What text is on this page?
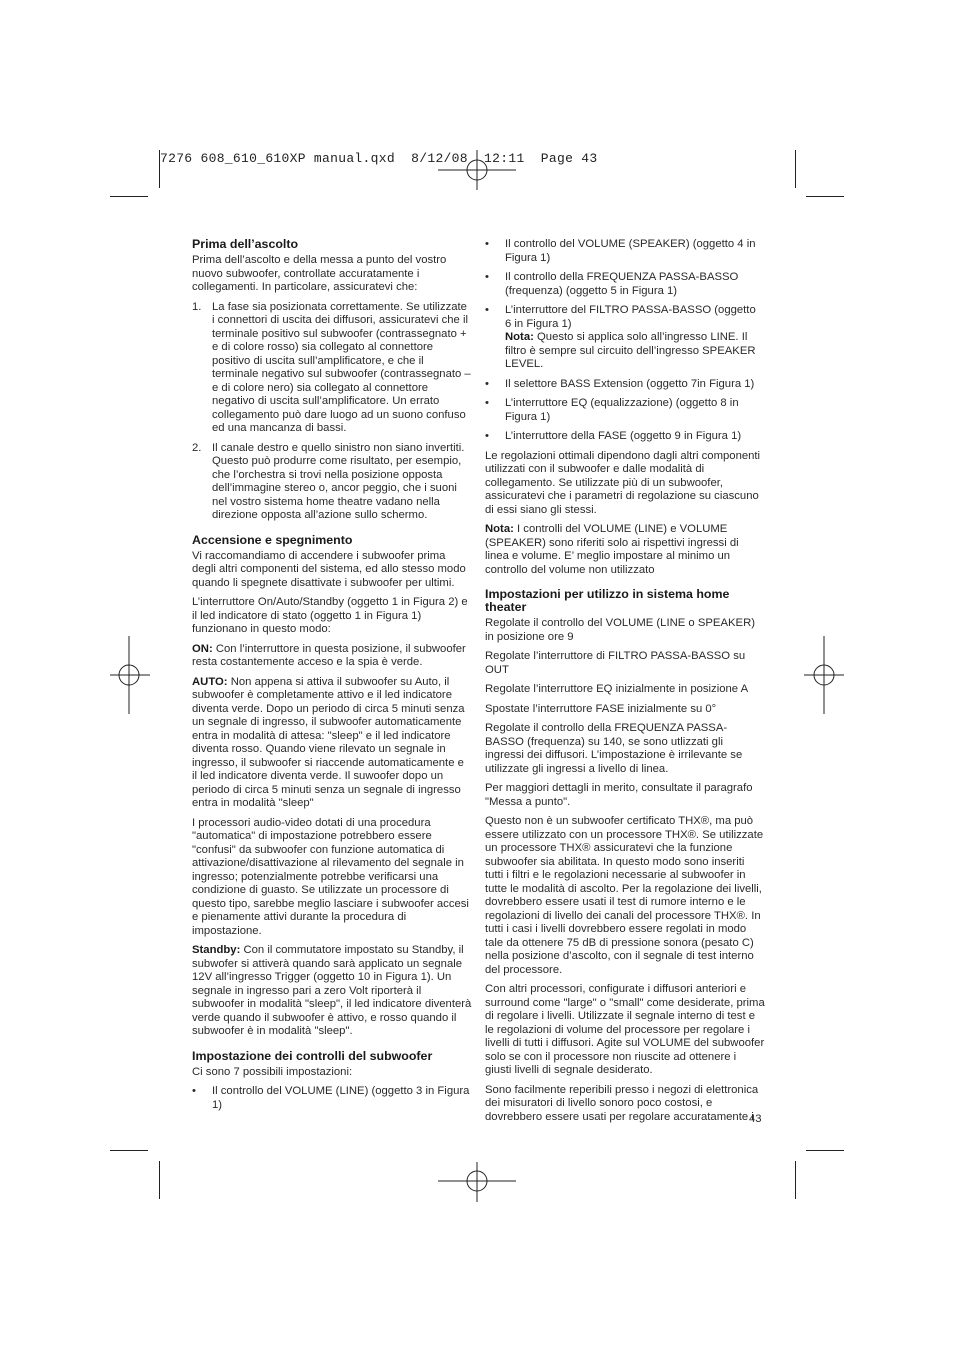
7276 608_610_610XP manual.qxd  8/12/08  12:11  Page 43
Prima dell’ascolto

Prima dell’ascolto e della messa a punto del vostro nuovo subwoofer, controllate accuratamente i collegamenti. In particolare, assicuratevi che:

1. La fase sia posizionata correttamente. Se utilizzate i connettori di uscita dei diffusori, assicuratevi che il terminale positivo sul subwoofer (contrassegnato + e di colore rosso) sia collegato al connettore positivo di uscita sull’amplificatore, e che il terminale negativo sul subwoofer (contrassegnato – e di colore nero) sia collegato al connettore negativo di uscita sull’amplificatore. Un errato collegamento può dare luogo ad un suono confuso ed una mancanza di bassi.
2. Il canale destro e quello sinistro non siano invertiti. Questo può produrre come risultato, per esempio, che l’orchestra si trovi nella posizione opposta dell’immagine stereo o, ancor peggio, che i suoni nel vostro sistema home theatre vadano nella direzione opposta all’azione sullo schermo.
Accensione e spegnimento

Vi raccomandiamo di accendere i subwoofer prima degli altri componenti del sistema, ed allo stesso modo quando li spegnete disattivate i subwoofer per ultimi.

L’interruttore On/Auto/Standby (oggetto 1 in Figura 2) e il led indicatore di stato (oggetto 1 in Figura 1) funzionano in questo modo:

ON: Con l’interruttore in questa posizione, il subwoofer resta costantemente acceso e la spia è verde.

AUTO: Non appena si attiva il subwoofer su Auto, il subwoofer è completamente attivo e il led indicatore diventa verde. Dopo un periodo di circa 5 minuti senza un segnale di ingresso, il subwoofer automaticamente entra in modalità di attesa: "sleep" e il led indicatore diventa rosso. Quando viene rilevato un segnale in ingresso, il subwoofer si riaccende automaticamente e il led indicatore diventa verde. Il suwoofer dopo un periodo di circa 5 minuti senza un segnale di ingresso entra in modalità "sleep"

I processori audio-video dotati di una procedura "automatica" di impostazione potrebbero essere "confusi" da subwoofer con funzione automatica di attivazione/disattivazione al rilevamento del segnale in ingresso; potenzialmente potrebbe verificarsi una condizione di guasto. Se utilizzate un processore di questo tipo, sarebbe meglio lasciare i subwoofer accesi e pienamente attivi durante la procedura di impostazione.

Standby: Con il commutatore impostato su Standby, il subwofer si attiverà quando sarà applicato un segnale 12V all’ingresso Trigger (oggetto 10 in Figura 1). Un segnale in ingresso pari a zero Volt riporterà il subwoofer in modalità "sleep", il led indicatore diventerà verde quando il subwoofer è attivo, e rosso quando il subwoofer è in modalità "sleep".

Impostazione dei controlli del subwoofer

Ci sono 7 possibili impostazioni:

• Il controllo del VOLUME (LINE) (oggetto 3 in Figura 1)
• Il controllo del VOLUME (SPEAKER) (oggetto 4 in Figura 1)
• Il controllo della FREQUENZA PASSA-BASSO (frequenza) (oggetto 5 in Figura 1)
• L’interruttore del FILTRO PASSA-BASSO (oggetto 6 in Figura 1)
Nota: Questo si applica solo all’ingresso LINE. Il filtro è sempre sul circuito dell’ingresso SPEAKER LEVEL.
• Il selettore BASS Extension (oggetto 7in Figura 1)
• L’interruttore EQ (equalizzazione) (oggetto 8 in Figura 1)
• L’interruttore della FASE (oggetto 9 in Figura 1)

Le regolazioni ottimali dipendono dagli altri componenti utilizzati con il subwoofer e dalle modalità di collegamento. Se utilizzate più di un subwoofer, assicuratevi che i parametri di regolazione su ciascuno di essi siano gli stessi.

Nota: I controlli del VOLUME (LINE) e VOLUME (SPEAKER) sono riferiti solo ai rispettivi ingressi di linea e volume. E’ meglio impostare al minimo un controllo del volume non utilizzato

Impostazioni per utilizzo in sistema home theater

Regolate il controllo del VOLUME (LINE o SPEAKER) in posizione ore 9

Regolate l’interruttore di FILTRO PASSA-BASSO su OUT

Regolate l’interruttore EQ inizialmente in posizione A

Spostate l’interruttore FASE inizialmente su 0°

Regolate il controllo della FREQUENZA PASSA-BASSO (frequenza) su 140, se sono utlizzati gli ingressi dei diffusori. L’impostazione è irrilevante se utilizzate gli ingressi a livello di linea.

Per maggiori dettagli in merito, consultate il paragrafo "Messa a punto".

Questo non è un subwoofer certificato THX®, ma può essere utilizzato con un processore THX®. Se utilizzate un processore THX® assicuratevi che la funzione subwoofer sia abilitata. In questo modo sono inseriti tutti i filtri e le regolazioni necessarie al subwoofer in tutte le modalità di ascolto. Per la regolazione dei livelli, dovrebbero essere usati il test di rumore interno e le regolazioni di livello dei canali del processore THX®. In tutti i casi i livelli dovrebbero essere regolati in modo tale da ottenere 75 dB di pressione sonora (pesato C) nella posizione d’ascolto, con il segnale di test interno del processore.

Con altri processori, configurate i diffusori anteriori e surround come "large" o "small" come desiderate, prima di regolare i livelli. Utilizzate il segnale interno di test e le regolazioni di volume del processore per regolare i livelli di tutti i diffusori. Agite sul VOLUME del subwoofer solo se con il processore non riuscite ad ottenere i giusti livelli di segnale desiderato.

Sono facilmente reperibili presso i negozi di elettronica dei misuratori di livello sonoro poco costosi, e dovrebbero essere usati per regolare accuratamente i

43
